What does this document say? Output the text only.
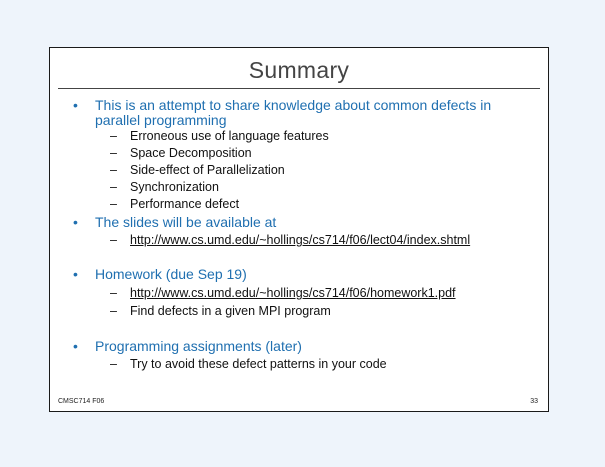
Summary
• This is an attempt to share knowledge about common defects in parallel programming
– Erroneous use of language features
– Space Decomposition
– Side-effect of Parallelization
– Synchronization
– Performance defect
• The slides will be available at
– http://www.cs.umd.edu/~hollings/cs714/f06/lect04/index.shtml
• Homework (due Sep 19)
– http://www.cs.umd.edu/~hollings/cs714/f06/homework1.pdf
– Find defects in a given MPI program
• Programming assignments (later)
– Try to avoid these defect patterns in your code
CMSC714 F06	33
